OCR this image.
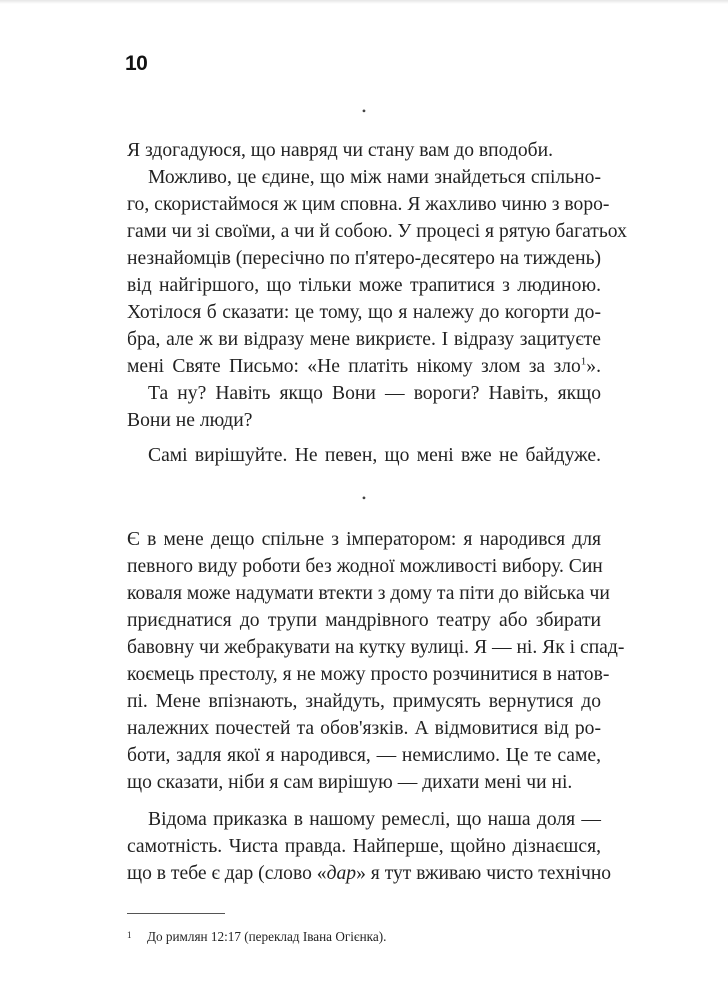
10
•
Я здогадуюся, що навряд чи стану вам до вподоби.
Можливо, це єдине, що між нами знайдеться спільно-
го, скористаймося ж цим сповна. Я жахливо чиню з воро-
гами чи зі своїми, а чи й собою. У процесі я рятую багатьох
незнайомців (пересічно по п'ятеро-десятеро на тиждень)
від найгіршого, що тільки може трапитися з людиною.
Хотілося б сказати: це тому, що я належу до когорти до-
бра, але ж ви відразу мене викриєте. І відразу зацитуєте
мені Святе Письмо: «Не платіть нікому злом за зло$^1$».
Та ну? Навіть якщо Вони — вороги? Навіть, якщо
Вони не люди?
Самі вирішуйте. Не певен, що мені вже не байдуже.
•
Є в мене дещо спільне з імператором: я народився для
певного виду роботи без жодної можливості вибору. Син
коваля може надумати втекти з дому та піти до війська чи
приєднатися до трупи мандрівного театру або збирати
бавовну чи жебракувати на кутку вулиці. Я — ні. Як і спад-
коємець престолу, я не можу просто розчинитися в натов-
пі. Мене впізнають, знайдуть, примусять вернутися до
належних почестей та обов'язків. А відмовитися від ро-
боти, задля якої я народився, — немислимо. Це те саме,
що сказати, ніби я сам вирішую — дихати мені чи ні.
Відома приказка в нашому ремеслі, що наша доля —
самотність. Чиста правда. Найперше, щойно дізнаєшся,
що в тебе є дар (слово «дар» я тут вживаю чисто технічно
1 До римлян 12:17 (переклад Івана Огієнка).
